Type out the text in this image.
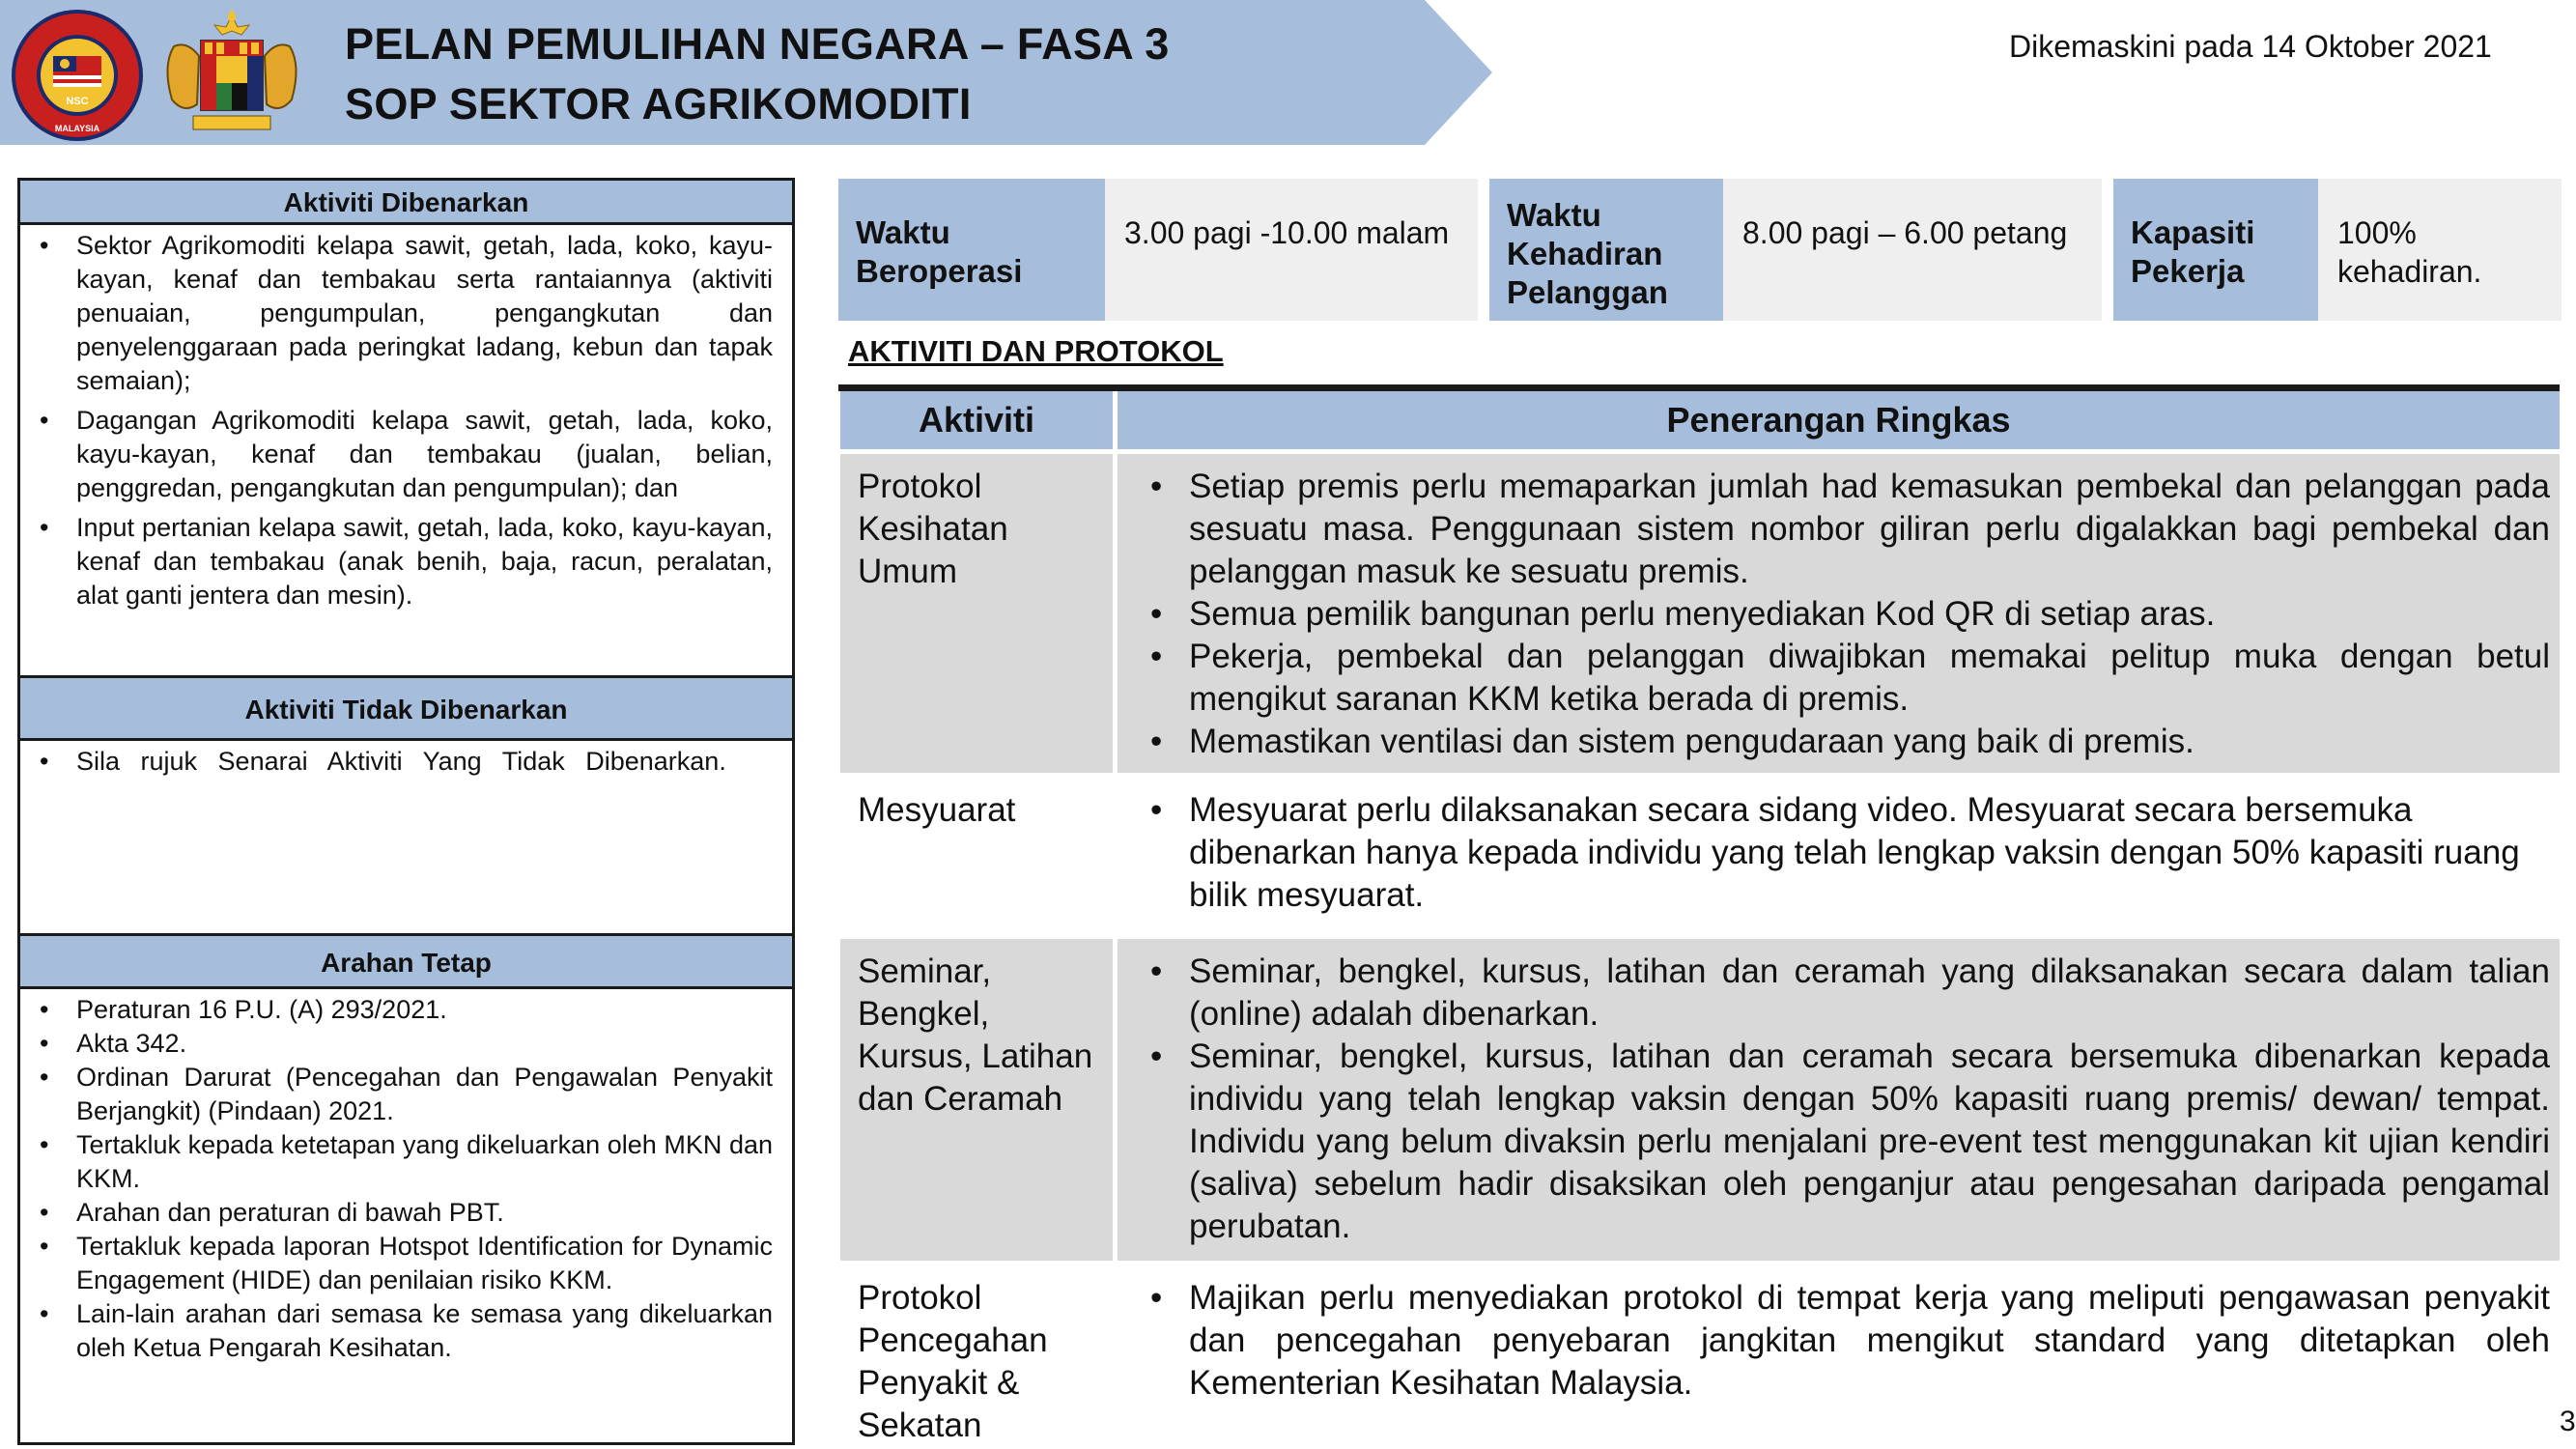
NSC
MALAYSIA
PELAN PEMULIHAN NEGARA – FASA 3
SOP SEKTOR AGRIKOMODITI
Dikemaskini pada 14 Oktober 2021
Aktiviti Dibenarkan
• Sektor Agrikomoditi kelapa sawit, getah, lada, koko, kayu-kayan, kenaf dan tembakau serta rantaiannya (aktiviti penuaian, pengumpulan, pengangkutan dan penyelenggaraan pada peringkat ladang, kebun dan tapak semaian);
• Dagangan Agrikomoditi kelapa sawit, getah, lada, koko, kayu-kayan, kenaf dan tembakau (jualan, belian, penggredan, pengangkutan dan pengumpulan); dan
• Input pertanian kelapa sawit, getah, lada, koko, kayu-kayan, kenaf dan tembakau (anak benih, baja, racun, peralatan, alat ganti jentera dan mesin).
Aktiviti Tidak Dibenarkan
• Sila rujuk Senarai Aktiviti Yang Tidak Dibenarkan.
Arahan Tetap
• Peraturan 16 P.U. (A) 293/2021.
• Akta 342.
• Ordinan Darurat (Pencegahan dan Pengawalan Penyakit Berjangkit) (Pindaan) 2021.
• Tertakluk kepada ketetapan yang dikeluarkan oleh MKN dan KKM.
• Arahan dan peraturan di bawah PBT.
• Tertakluk kepada laporan Hotspot Identification for Dynamic Engagement (HIDE) dan penilaian risiko KKM.
• Lain-lain arahan dari semasa ke semasa yang dikeluarkan oleh Ketua Pengarah Kesihatan.
Waktu Beroperasi
3.00 pagi -10.00 malam	Waktu Kehadiran Pelanggan
8.00 pagi – 6.00 petang	Kapasiti Pekerja
100% kehadiran.
AKTIVITI DAN PROTOKOL
Aktiviti	Penerangan Ringkas
Protokol Kesihatan Umum
• Setiap premis perlu memaparkan jumlah had kemasukan pembekal dan pelanggan pada sesuatu masa. Penggunaan sistem nombor giliran perlu digalakkan bagi pembekal dan pelanggan masuk ke sesuatu premis.
• Semua pemilik bangunan perlu menyediakan Kod QR di setiap aras.
• Pekerja, pembekal dan pelanggan diwajibkan memakai pelitup muka dengan betul mengikut saranan KKM ketika berada di premis.
• Memastikan ventilasi dan sistem pengudaraan yang baik di premis.
Mesyuarat
•	Mesyuarat perlu dilaksanakan secara sidang video. Mesyuarat secara bersemuka dibenarkan hanya kepada individu yang telah lengkap vaksin dengan 50% kapasiti ruang bilik mesyuarat.
Seminar, Bengkel, Kursus, Latihan dan Ceramah
• Seminar, bengkel, kursus, latihan dan ceramah yang dilaksanakan secara dalam talian (online) adalah dibenarkan.
• Seminar, bengkel, kursus, latihan dan ceramah secara bersemuka dibenarkan kepada individu yang telah lengkap vaksin dengan 50% kapasiti ruang premis/ dewan/ tempat. Individu yang belum divaksin perlu menjalani pre-event test menggunakan kit ujian kendiri (saliva) sebelum hadir disaksikan oleh penganjur atau pengesahan daripada pengamal perubatan.
Protokol Pencegahan Penyakit & Sekatan
• Majikan perlu menyediakan protokol di tempat kerja yang meliputi pengawasan penyakit dan pencegahan penyebaran jangkitan mengikut standard yang ditetapkan oleh Kementerian Kesihatan Malaysia.
3
